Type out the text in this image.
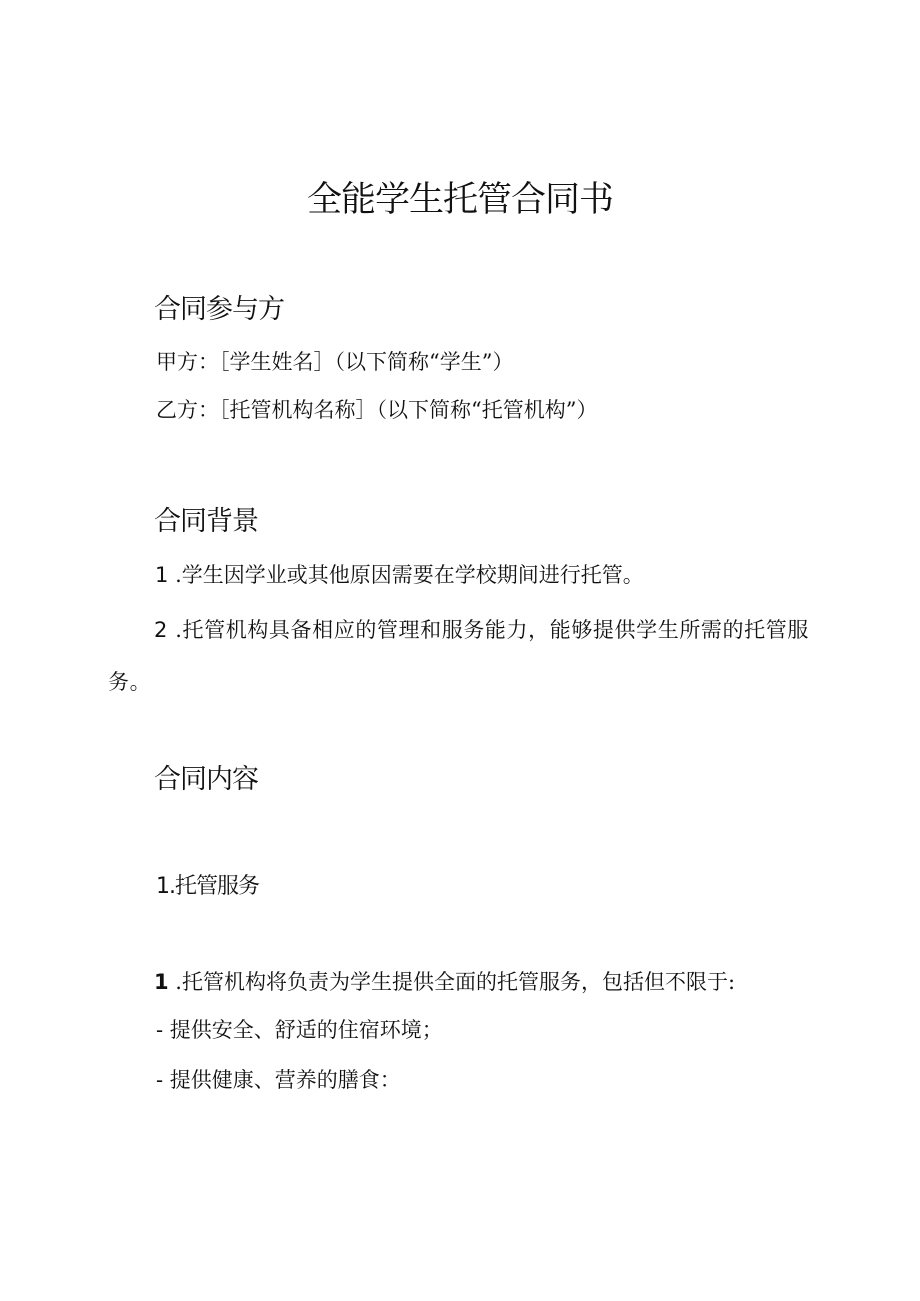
全能学生托管合同书
合同参与方

甲方：［学生姓名］（以下简称“学生”）

乙方：［托管机构名称］（以下简称“托管机构”）

合同背景

1 .学生因学业或其他原因需要在学校期间进行托管。

2 .托管机构具备相应的管理和服务能力，能够提供学生所需的托管服务。

合同内容
1.托管服务

1 .托管机构将负责为学生提供全面的托管服务，包括但不限于:

- 提供安全、舒适的住宿环境；

- 提供健康、营养的膳食：
